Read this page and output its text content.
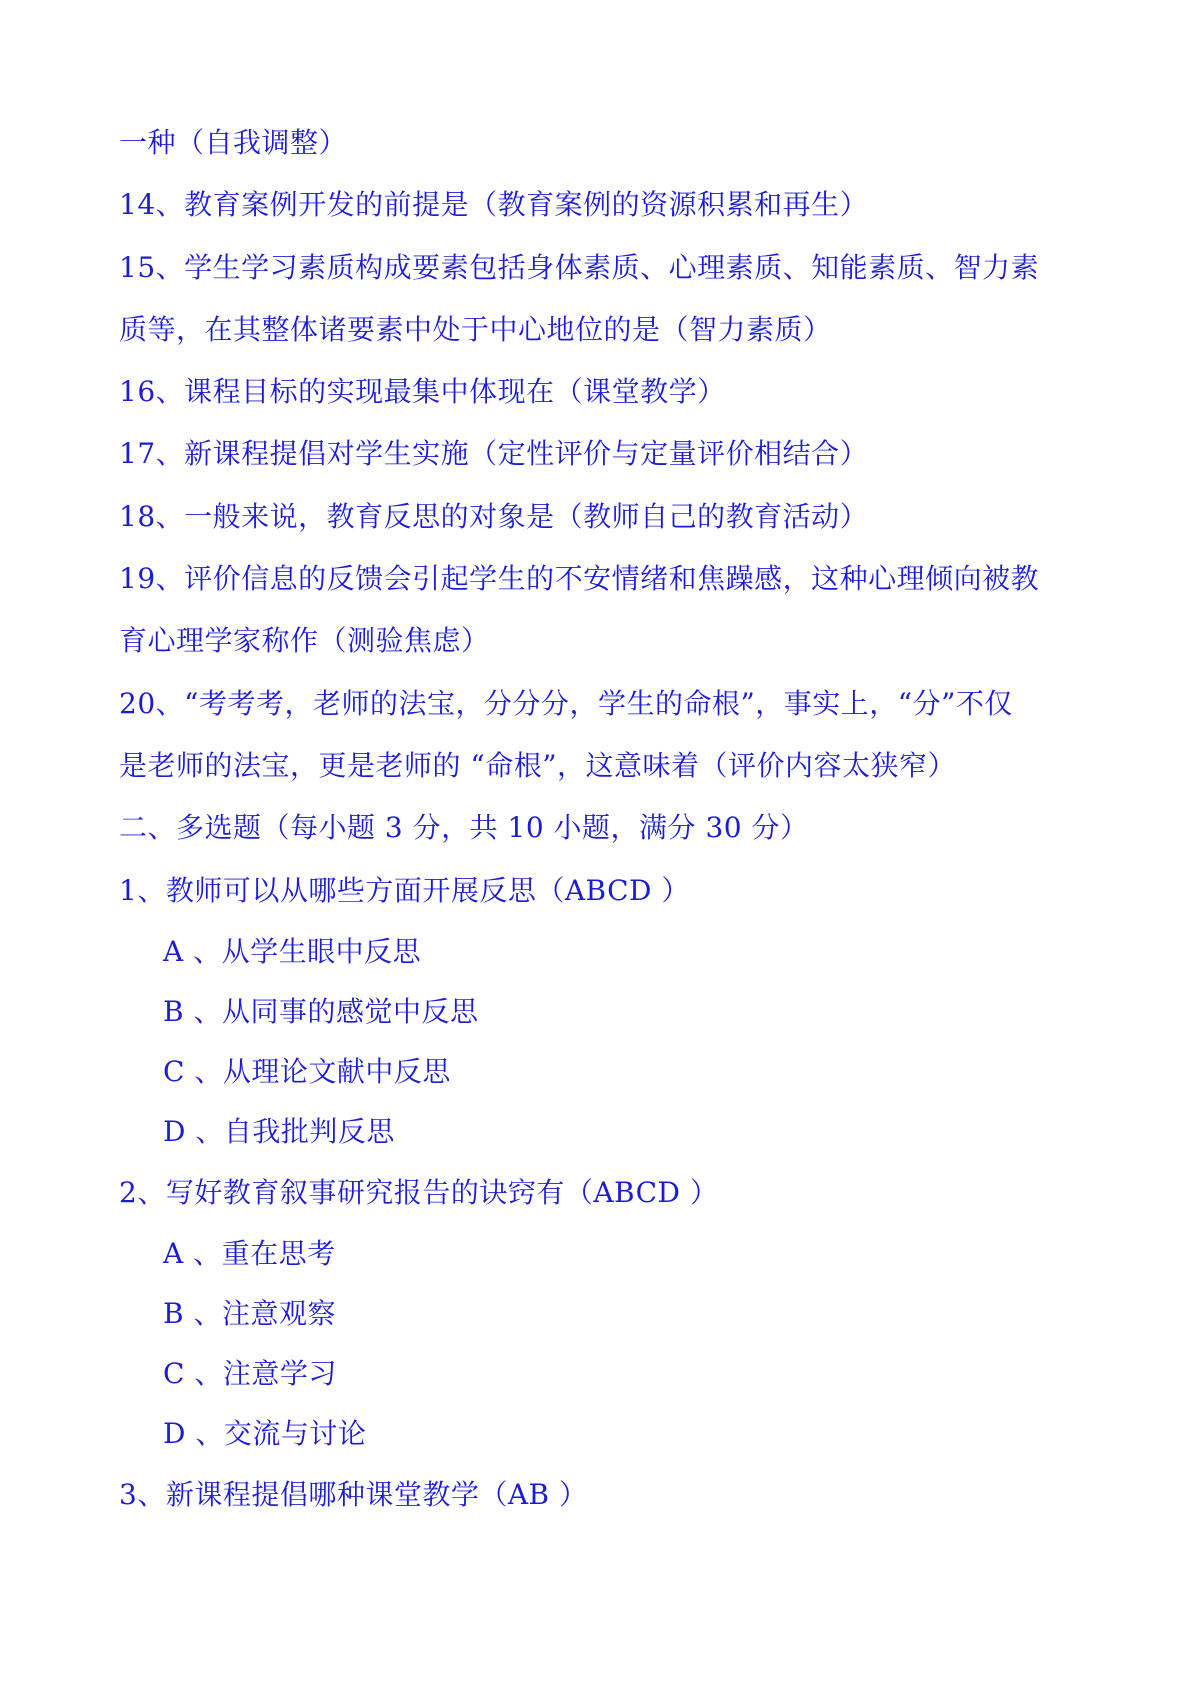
一种（自我调整）
14、教育案例开发的前提是（教育案例的资源积累和再生）
15、学生学习素质构成要素包括身体素质、心理素质、知能素质、智力素
质等，在其整体诸要素中处于中心地位的是（智力素质）
16、课程目标的实现最集中体现在（课堂教学）
17、新课程提倡对学生实施（定性评价与定量评价相结合）
18、一般来说，教育反思的对象是（教师自己的教育活动）
19、评价信息的反馈会引起学生的不安情绪和焦躁感，这种心理倾向被教
育心理学家称作（测验焦虑）
20、“考考考，老师的法宝，分分分，学生的命根”，事实上，“分”不仅
是老师的法宝，更是老师的 “命根”，这意味着（评价内容太狭窄）
二、多选题（每小题 3 分，共 10 小题，满分 30 分）
1、教师可以从哪些方面开展反思（ABCD ）
A 、从学生眼中反思
B 、从同事的感觉中反思
C 、从理论文献中反思
D 、自我批判反思
2、写好教育叙事研究报告的诀窍有（ABCD ）
A 、重在思考
B 、注意观察
C 、注意学习
D 、交流与讨论
3、新课程提倡哪种课堂教学（AB ）
